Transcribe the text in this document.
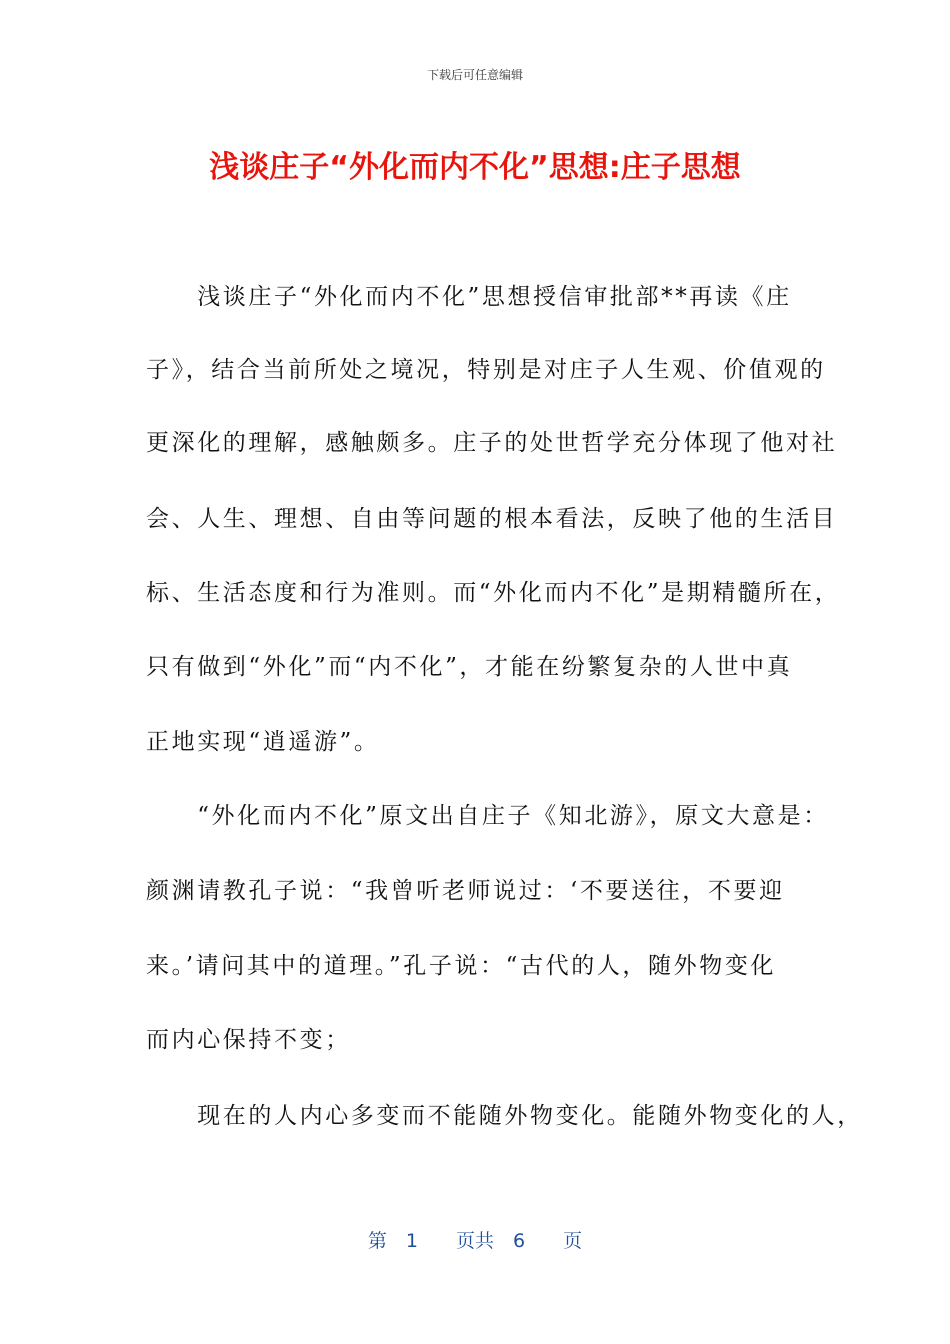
下载后可任意编辑
浅谈庄子“外化而内不化”思想:庄子思想
　　浅谈庄子“外化而内不化”思想授信审批部**再读《庄
子》，结合当前所处之境况，特别是对庄子人生观、价值观的
更深化的理解，感触颇多。庄子的处世哲学充分体现了他对社
会、人生、理想、自由等问题的根本看法，反映了他的生活目
标、生活态度和行为准则。而“外化而内不化”是期精髓所在，
只有做到“外化”而“内不化”，才能在纷繁复杂的人世中真
正地实现“逍遥游”。
　　“外化而内不化”原文出自庄子《知北游》，原文大意是：
颜渊请教孔子说：“我曾听老师说过：‘不要送往，不要迎
来。’请问其中的道理。”孔子说：“古代的人，随外物变化
而内心保持不变；
　　现在的人内心多变而不能随外物变化。能随外物变化的人，
第　1　　页共　6　　页
